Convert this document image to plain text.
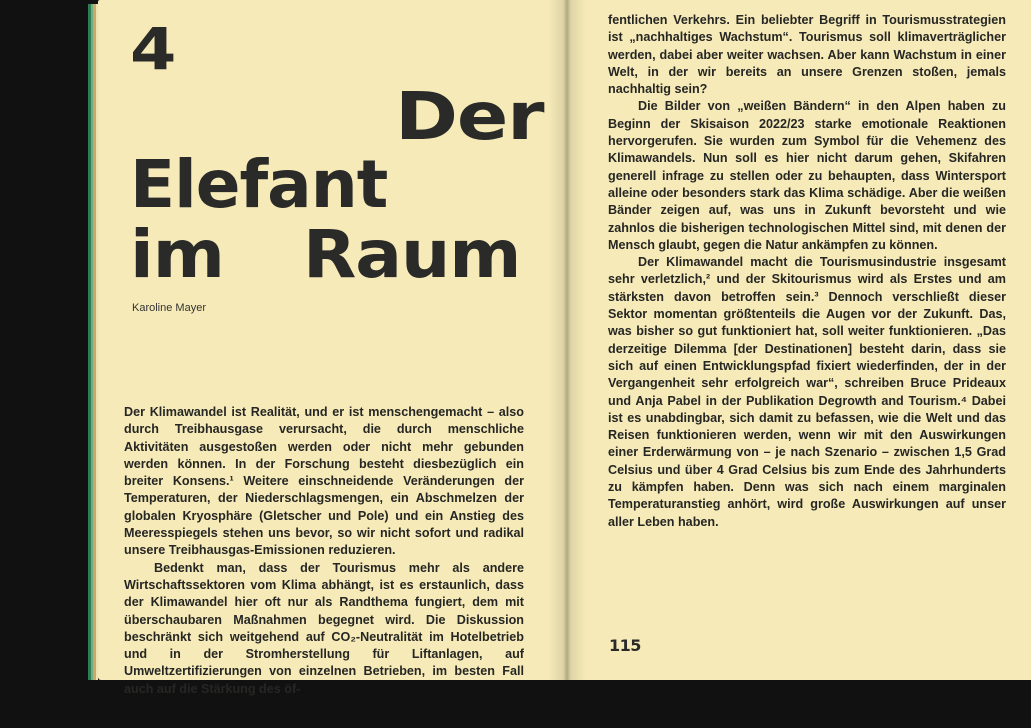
4
Der
Elefant
im Raum
Karoline Mayer

Der Klimawandel ist Realität, und er ist menschengemacht – also durch Treibhausgase verursacht, die durch menschliche Aktivitäten ausgestoßen werden oder nicht mehr gebunden werden können. In der Forschung besteht diesbezüglich ein breiter Konsens.¹ Weitere einschneidende Veränderungen der Temperaturen, der Niederschlagsmengen, ein Abschmelzen der globalen Kryosphäre (Gletscher und Pole) und ein Anstieg des Meeresspiegels stehen uns bevor, so wir nicht sofort und radikal unsere Treibhausgas-Emissionen reduzieren.

Bedenkt man, dass der Tourismus mehr als andere Wirtschaftssektoren vom Klima abhängt, ist es erstaunlich, dass der Klimawandel hier oft nur als Randthema fungiert, dem mit überschaubaren Maßnahmen begegnet wird. Die Diskussion beschränkt sich weitgehend auf CO₂-Neutralität im Hotelbetrieb und in der Stromherstellung für Liftanlagen, auf Umweltzertifizierungen von einzelnen Betrieben, im besten Fall auch auf die Stärkung des öf-

fentlichen Verkehrs. Ein beliebter Begriff in Tourismusstrategien ist „nachhaltiges Wachstum“. Tourismus soll klimaverträglicher werden, dabei aber weiter wachsen. Aber kann Wachstum in einer Welt, in der wir bereits an unsere Grenzen stoßen, jemals nachhaltig sein?

Die Bilder von „weißen Bändern“ in den Alpen haben zu Beginn der Skisaison 2022/23 starke emotionale Reaktionen hervorgerufen. Sie wurden zum Symbol für die Vehemenz des Klimawandels. Nun soll es hier nicht darum gehen, Skifahren generell infrage zu stellen oder zu behaupten, dass Wintersport alleine oder besonders stark das Klima schädige. Aber die weißen Bänder zeigen auf, was uns in Zukunft bevorsteht und wie zahnlos die bisherigen technologischen Mittel sind, mit denen der Mensch glaubt, gegen die Natur ankämpfen zu können.

Der Klimawandel macht die Tourismusindustrie insgesamt sehr verletzlich,² und der Skitourismus wird als Erstes und am stärksten davon betroffen sein.³ Dennoch verschließt dieser Sektor momentan größtenteils die Augen vor der Zukunft. Das, was bisher so gut funktioniert hat, soll weiter funktionieren. „Das derzeitige Dilemma [der Destinationen] besteht darin, dass sie sich auf einen Entwicklungspfad fixiert wiederfinden, der in der Vergangenheit sehr erfolgreich war“, schreiben Bruce Prideaux und Anja Pabel in der Publikation Degrowth and Tourism.⁴ Dabei ist es unabdingbar, sich damit zu befassen, wie die Welt und das Reisen funktionieren werden, wenn wir mit den Auswirkungen einer Erderwärmung von – je nach Szenario – zwischen 1,5 Grad Celsius und über 4 Grad Celsius bis zum Ende des Jahrhunderts zu kämpfen haben. Denn was sich nach einem marginalen Temperaturanstieg anhört, wird große Auswirkungen auf unser aller Leben haben.

115
